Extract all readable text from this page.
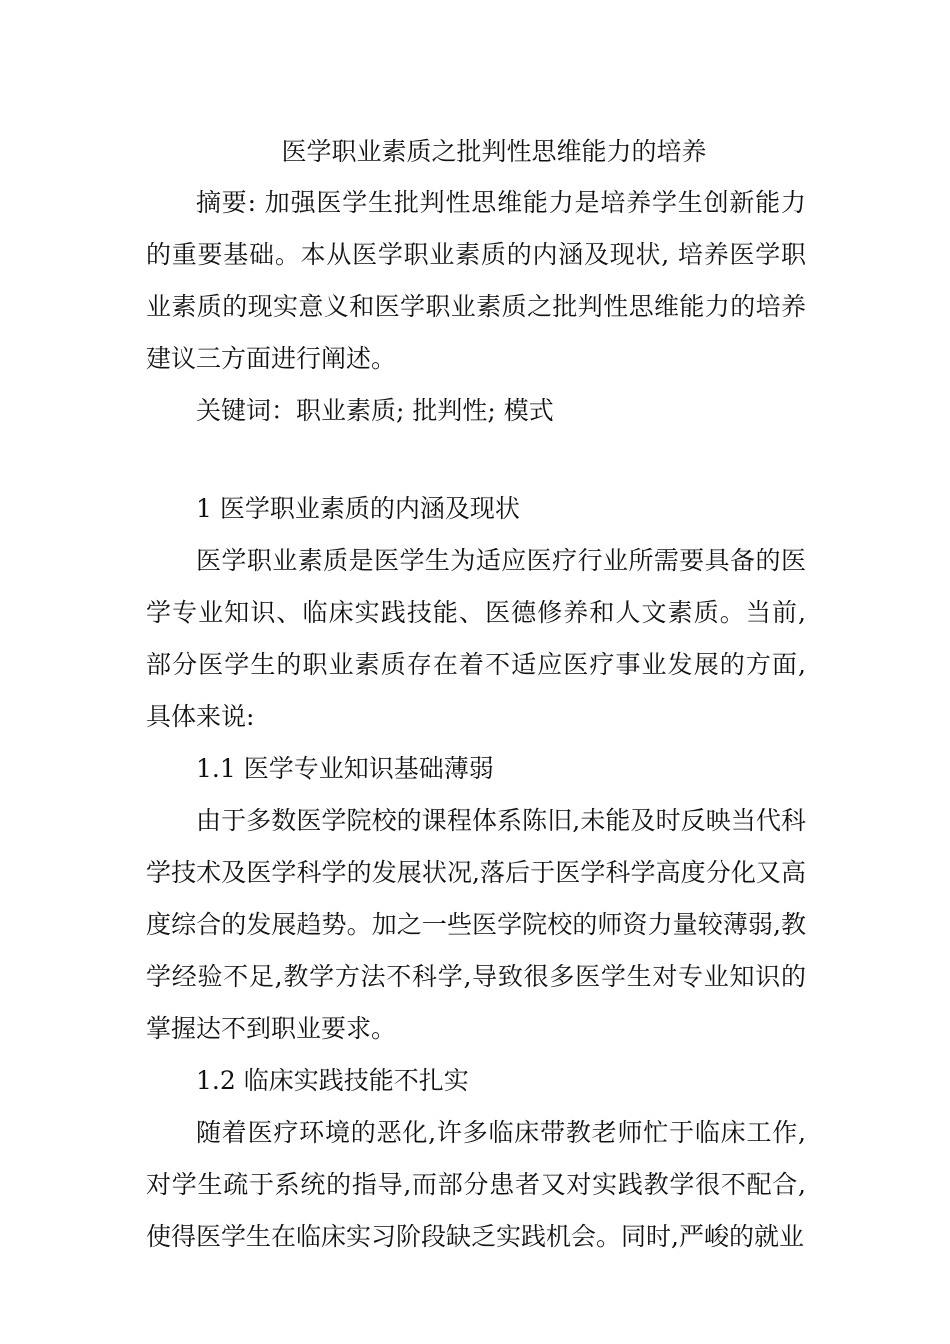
医学职业素质之批判性思维能力的培养

摘要: 加强医学生批判性思维能力是培养学生创新能力的重要基础。本从医学职业素质的内涵及现状, 培养医学职业素质的现实意义和医学职业素质之批判性思维能力的培养建议三方面进行阐述。

关键词：职业素质; 批判性; 模式

1 医学职业素质的内涵及现状

医学职业素质是医学生为适应医疗行业所需要具备的医学专业知识、临床实践技能、医德修养和人文素质。当前, 部分医学生的职业素质存在着不适应医疗事业发展的方面, 具体来说:

1.1 医学专业知识基础薄弱

由于多数医学院校的课程体系陈旧,未能及时反映当代科学技术及医学科学的发展状况,落后于医学科学高度分化又高度综合的发展趋势。加之一些医学院校的师资力量较薄弱,教学经验不足,教学方法不科学,导致很多医学生对专业知识的掌握达不到职业要求。

1.2 临床实践技能不扎实

随着医疗环境的恶化,许多临床带教老师忙于临床工作,对学生疏于系统的指导,而部分患者又对实践教学很不配合,使得医学生在临床实习阶段缺乏实践机会。同时,严峻的就业
